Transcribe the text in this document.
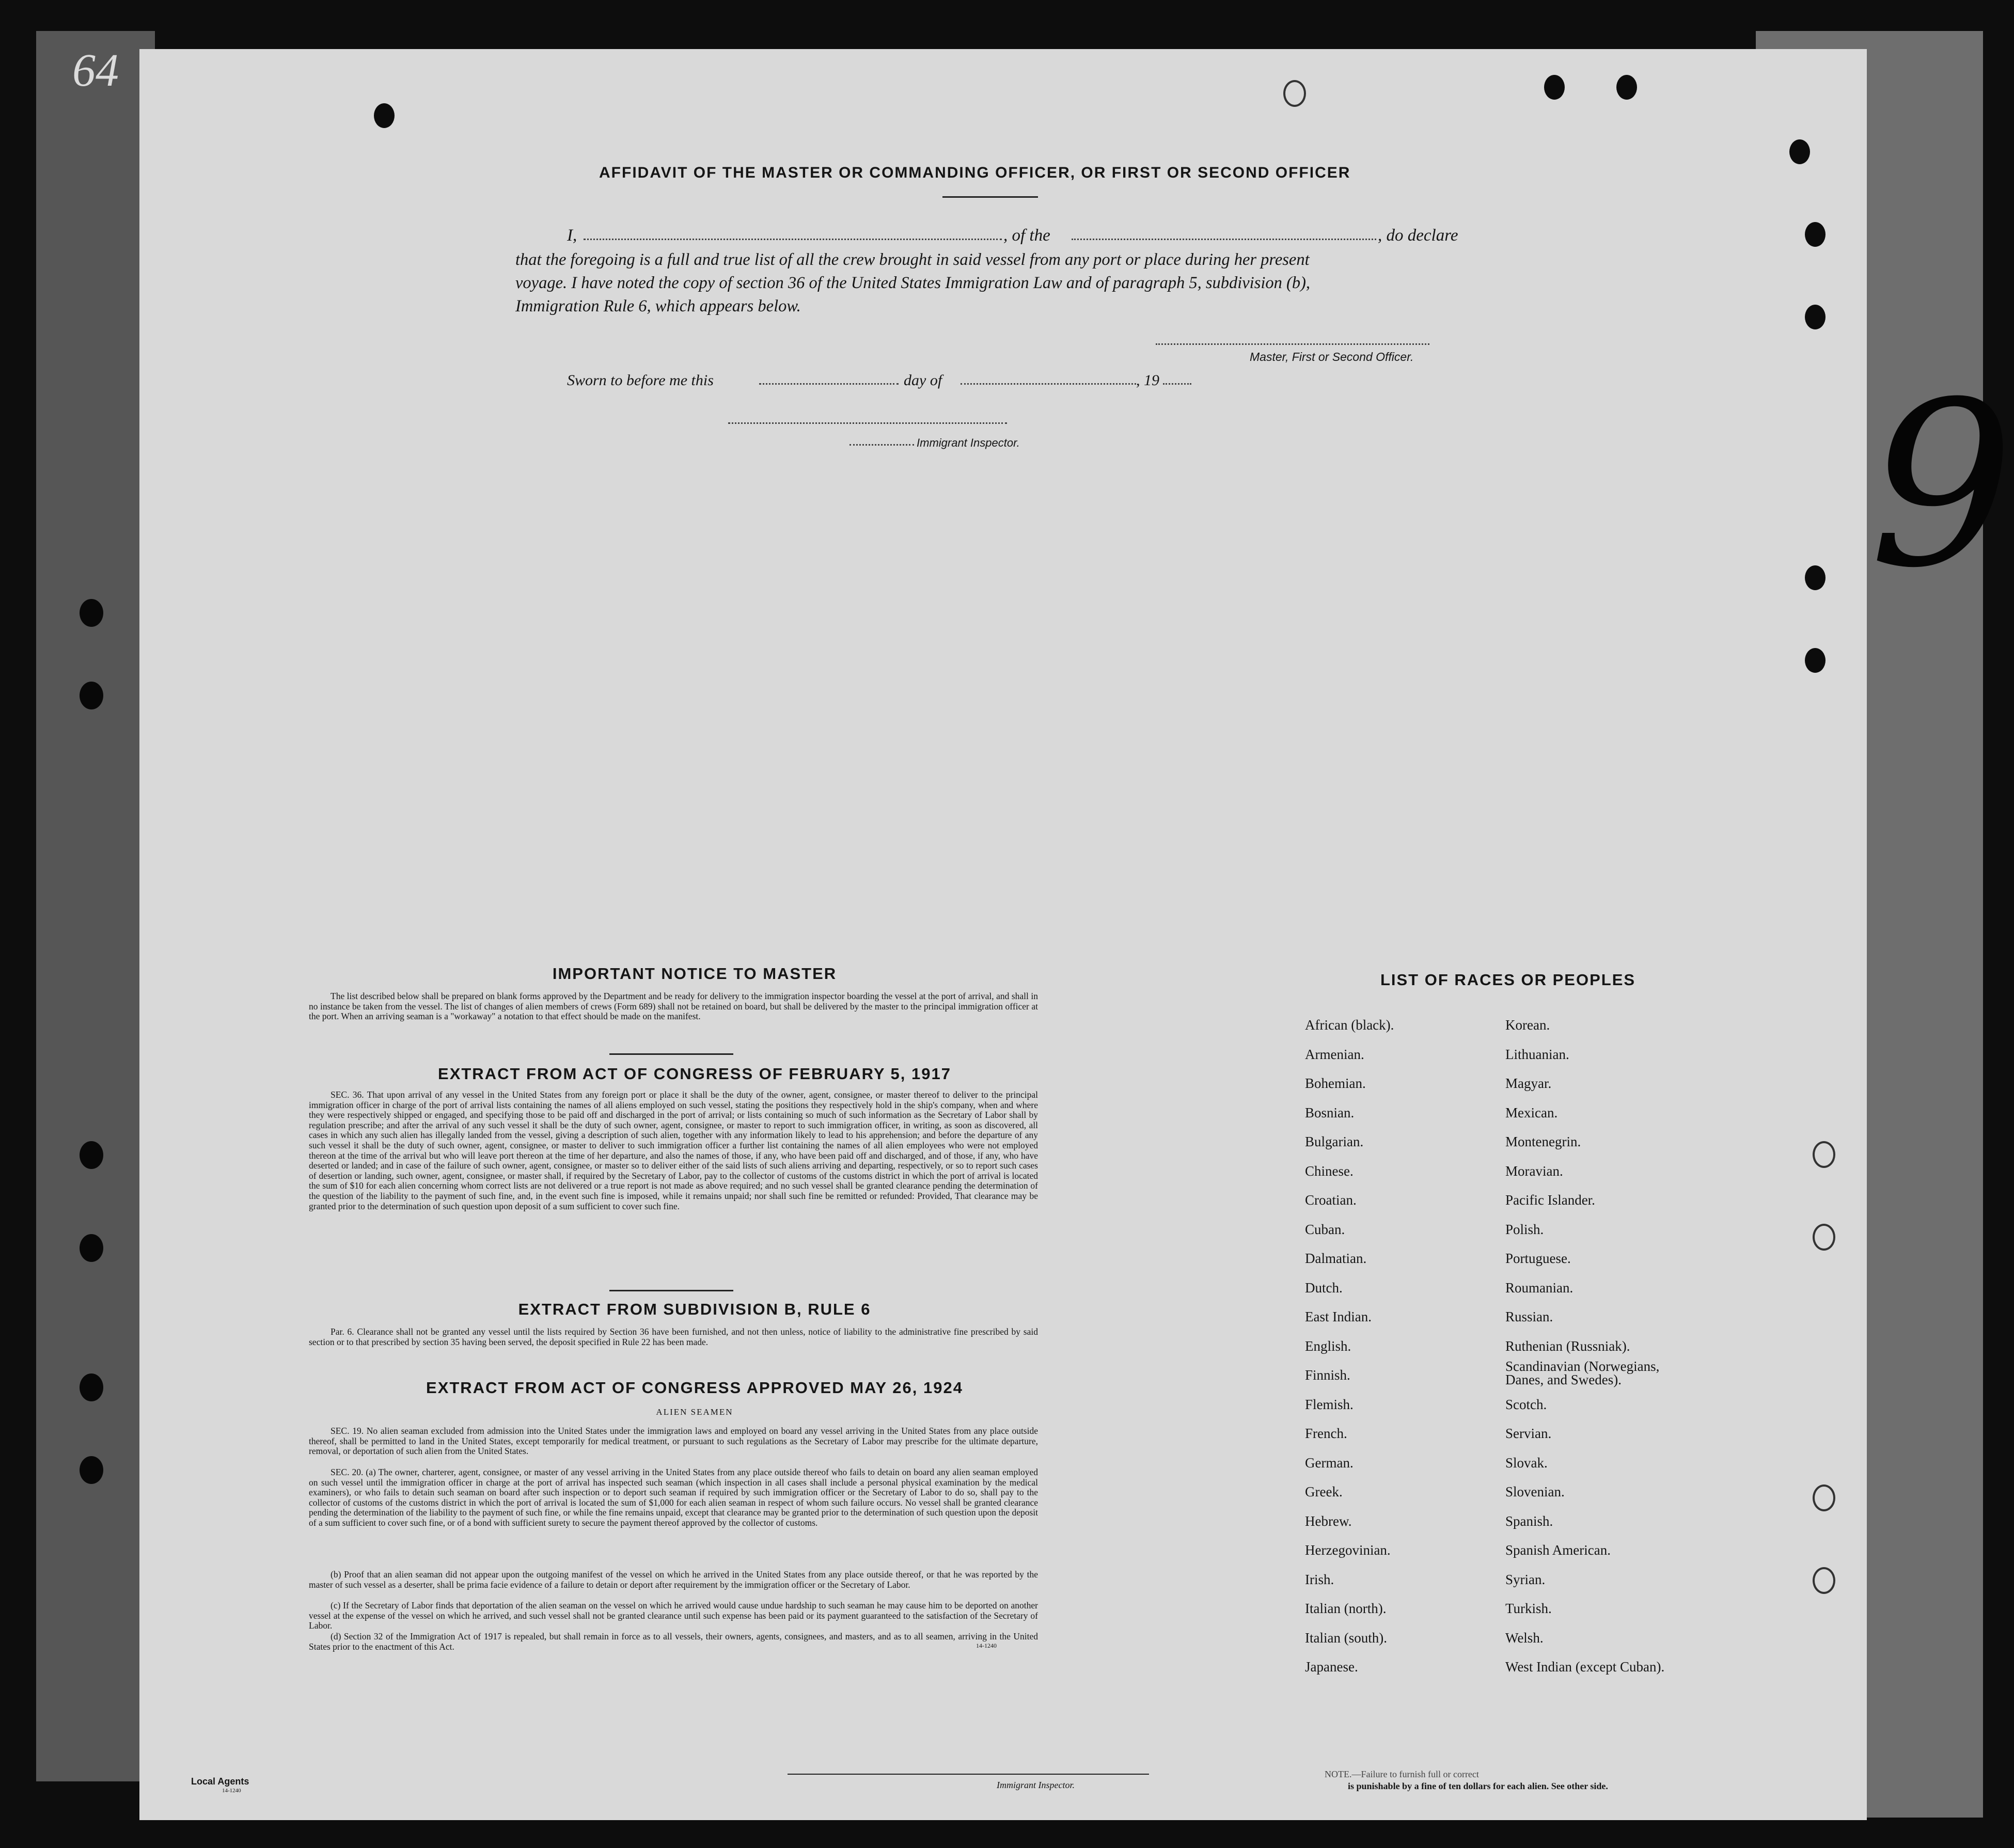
64
9
AFFIDAVIT OF THE MASTER OR COMMANDING OFFICER, OR FIRST OR SECOND OFFICER
I,	, of the	, do declare
that the foregoing is a full and true list of all the crew brought in said vessel from any port or place during her present
voyage. I have noted the copy of section 36 of the United States Immigration Law and of paragraph 5, subdivision (b),
Immigration Rule 6, which appears below.
Master, First or Second Officer.
Sworn to before me this	day of	, 19
Immigrant Inspector.
IMPORTANT NOTICE TO MASTER
The list described below shall be prepared on blank forms approved by the Department and be ready for delivery to the immigration inspector boarding the vessel at the port of arrival, and shall in no instance be taken from the vessel. The list of changes of alien members of crews (Form 689) shall not be retained on board, but shall be delivered by the master to the principal immigration officer at the port. When an arriving seaman is a "workaway" a notation to that effect should be made on the manifest.
EXTRACT FROM ACT OF CONGRESS OF FEBRUARY 5, 1917
SEC. 36. That upon arrival of any vessel in the United States from any foreign port or place it shall be the duty of the owner, agent, consignee, or master thereof to deliver to the principal immigration officer in charge of the port of arrival lists containing the names of all aliens employed on such vessel, stating the positions they respectively hold in the ship's company, when and where they were respectively shipped or engaged, and specifying those to be paid off and discharged in the port of arrival; or lists containing so much of such information as the Secretary of Labor shall by regulation prescribe; and after the arrival of any such vessel it shall be the duty of such owner, agent, consignee, or master to report to such immigration officer, in writing, as soon as discovered, all cases in which any such alien has illegally landed from the vessel, giving a description of such alien, together with any information likely to lead to his apprehension; and before the departure of any such vessel it shall be the duty of such owner, agent, consignee, or master to deliver to such immigration officer a further list containing the names of all alien employees who were not employed thereon at the time of the arrival but who will leave port thereon at the time of her departure, and also the names of those, if any, who have been paid off and discharged, and of those, if any, who have deserted or landed; and in case of the failure of such owner, agent, consignee, or master so to deliver either of the said lists of such aliens arriving and departing, respectively, or so to report such cases of desertion or landing, such owner, agent, consignee, or master shall, if required by the Secretary of Labor, pay to the collector of customs of the customs district in which the port of arrival is located the sum of $10 for each alien concerning whom correct lists are not delivered or a true report is not made as above required; and no such vessel shall be granted clearance pending the determination of the question of the liability to the payment of such fine, and, in the event such fine is imposed, while it remains unpaid; nor shall such fine be remitted or refunded: Provided, That clearance may be granted prior to the determination of such question upon deposit of a sum sufficient to cover such fine.
EXTRACT FROM SUBDIVISION B, RULE 6
Par. 6. Clearance shall not be granted any vessel until the lists required by Section 36 have been furnished, and not then unless, notice of liability to the administrative fine prescribed by said section or to that prescribed by section 35 having been served, the deposit specified in Rule 22 has been made.
EXTRACT FROM ACT OF CONGRESS APPROVED MAY 26, 1924
ALIEN SEAMEN
SEC. 19. No alien seaman excluded from admission into the United States under the immigration laws and employed on board any vessel arriving in the United States from any place outside thereof, shall be permitted to land in the United States, except temporarily for medical treatment, or pursuant to such regulations as the Secretary of Labor may prescribe for the ultimate departure, removal, or deportation of such alien from the United States.
SEC. 20. (a) The owner, charterer, agent, consignee, or master of any vessel arriving in the United States from any place outside thereof who fails to detain on board any alien seaman employed on such vessel until the immigration officer in charge at the port of arrival has inspected such seaman (which inspection in all cases shall include a personal physical examination by the medical examiners), or who fails to detain such seaman on board after such inspection or to deport such seaman if required by such immigration officer or the Secretary of Labor to do so, shall pay to the collector of customs of the customs district in which the port of arrival is located the sum of $1,000 for each alien seaman in respect of whom such failure occurs. No vessel shall be granted clearance pending the determination of the liability to the payment of such fine, or while the fine remains unpaid, except that clearance may be granted prior to the determination of such question upon the deposit of a sum sufficient to cover such fine, or of a bond with sufficient surety to secure the payment thereof approved by the collector of customs.
(b) Proof that an alien seaman did not appear upon the outgoing manifest of the vessel on which he arrived in the United States from any place outside thereof, or that he was reported by the master of such vessel as a deserter, shall be prima facie evidence of a failure to detain or deport after requirement by the immigration officer or the Secretary of Labor.
(c) If the Secretary of Labor finds that deportation of the alien seaman on the vessel on which he arrived would cause undue hardship to such seaman he may cause him to be deported on another vessel at the expense of the vessel on which he arrived, and such vessel shall not be granted clearance until such expense has been paid or its payment guaranteed to the satisfaction of the Secretary of Labor.
(d) Section 32 of the Immigration Act of 1917 is repealed, but shall remain in force as to all vessels, their owners, agents, consignees, and masters, and as to all seamen, arriving in the United States prior to the enactment of this Act.	14-1240
LIST OF RACES OR PEOPLES
African (black).
Armenian.
Bohemian.
Bosnian.
Bulgarian.
Chinese.
Croatian.
Cuban.
Dalmatian.
Dutch.
East Indian.
English.
Finnish.
Flemish.
French.
German.
Greek.
Hebrew.
Herzegovinian.
Irish.
Italian (north).
Italian (south).
Japanese.
Korean.
Lithuanian.
Magyar.
Mexican.
Montenegrin.
Moravian.
Pacific Islander.
Polish.
Portuguese.
Roumanian.
Russian.
Ruthenian (Russniak).
Scandinavian (Norwegians, Danes, and Swedes).
Scotch.
Servian.
Slovak.
Slovenian.
Spanish.
Spanish American.
Syrian.
Turkish.
Welsh.
West Indian (except Cuban).
Local Agents
14-1240
Immigrant Inspector.
NOTE.—Failure to furnish full or correct
is punishable by a fine of ten dollars for each alien. See other side.
